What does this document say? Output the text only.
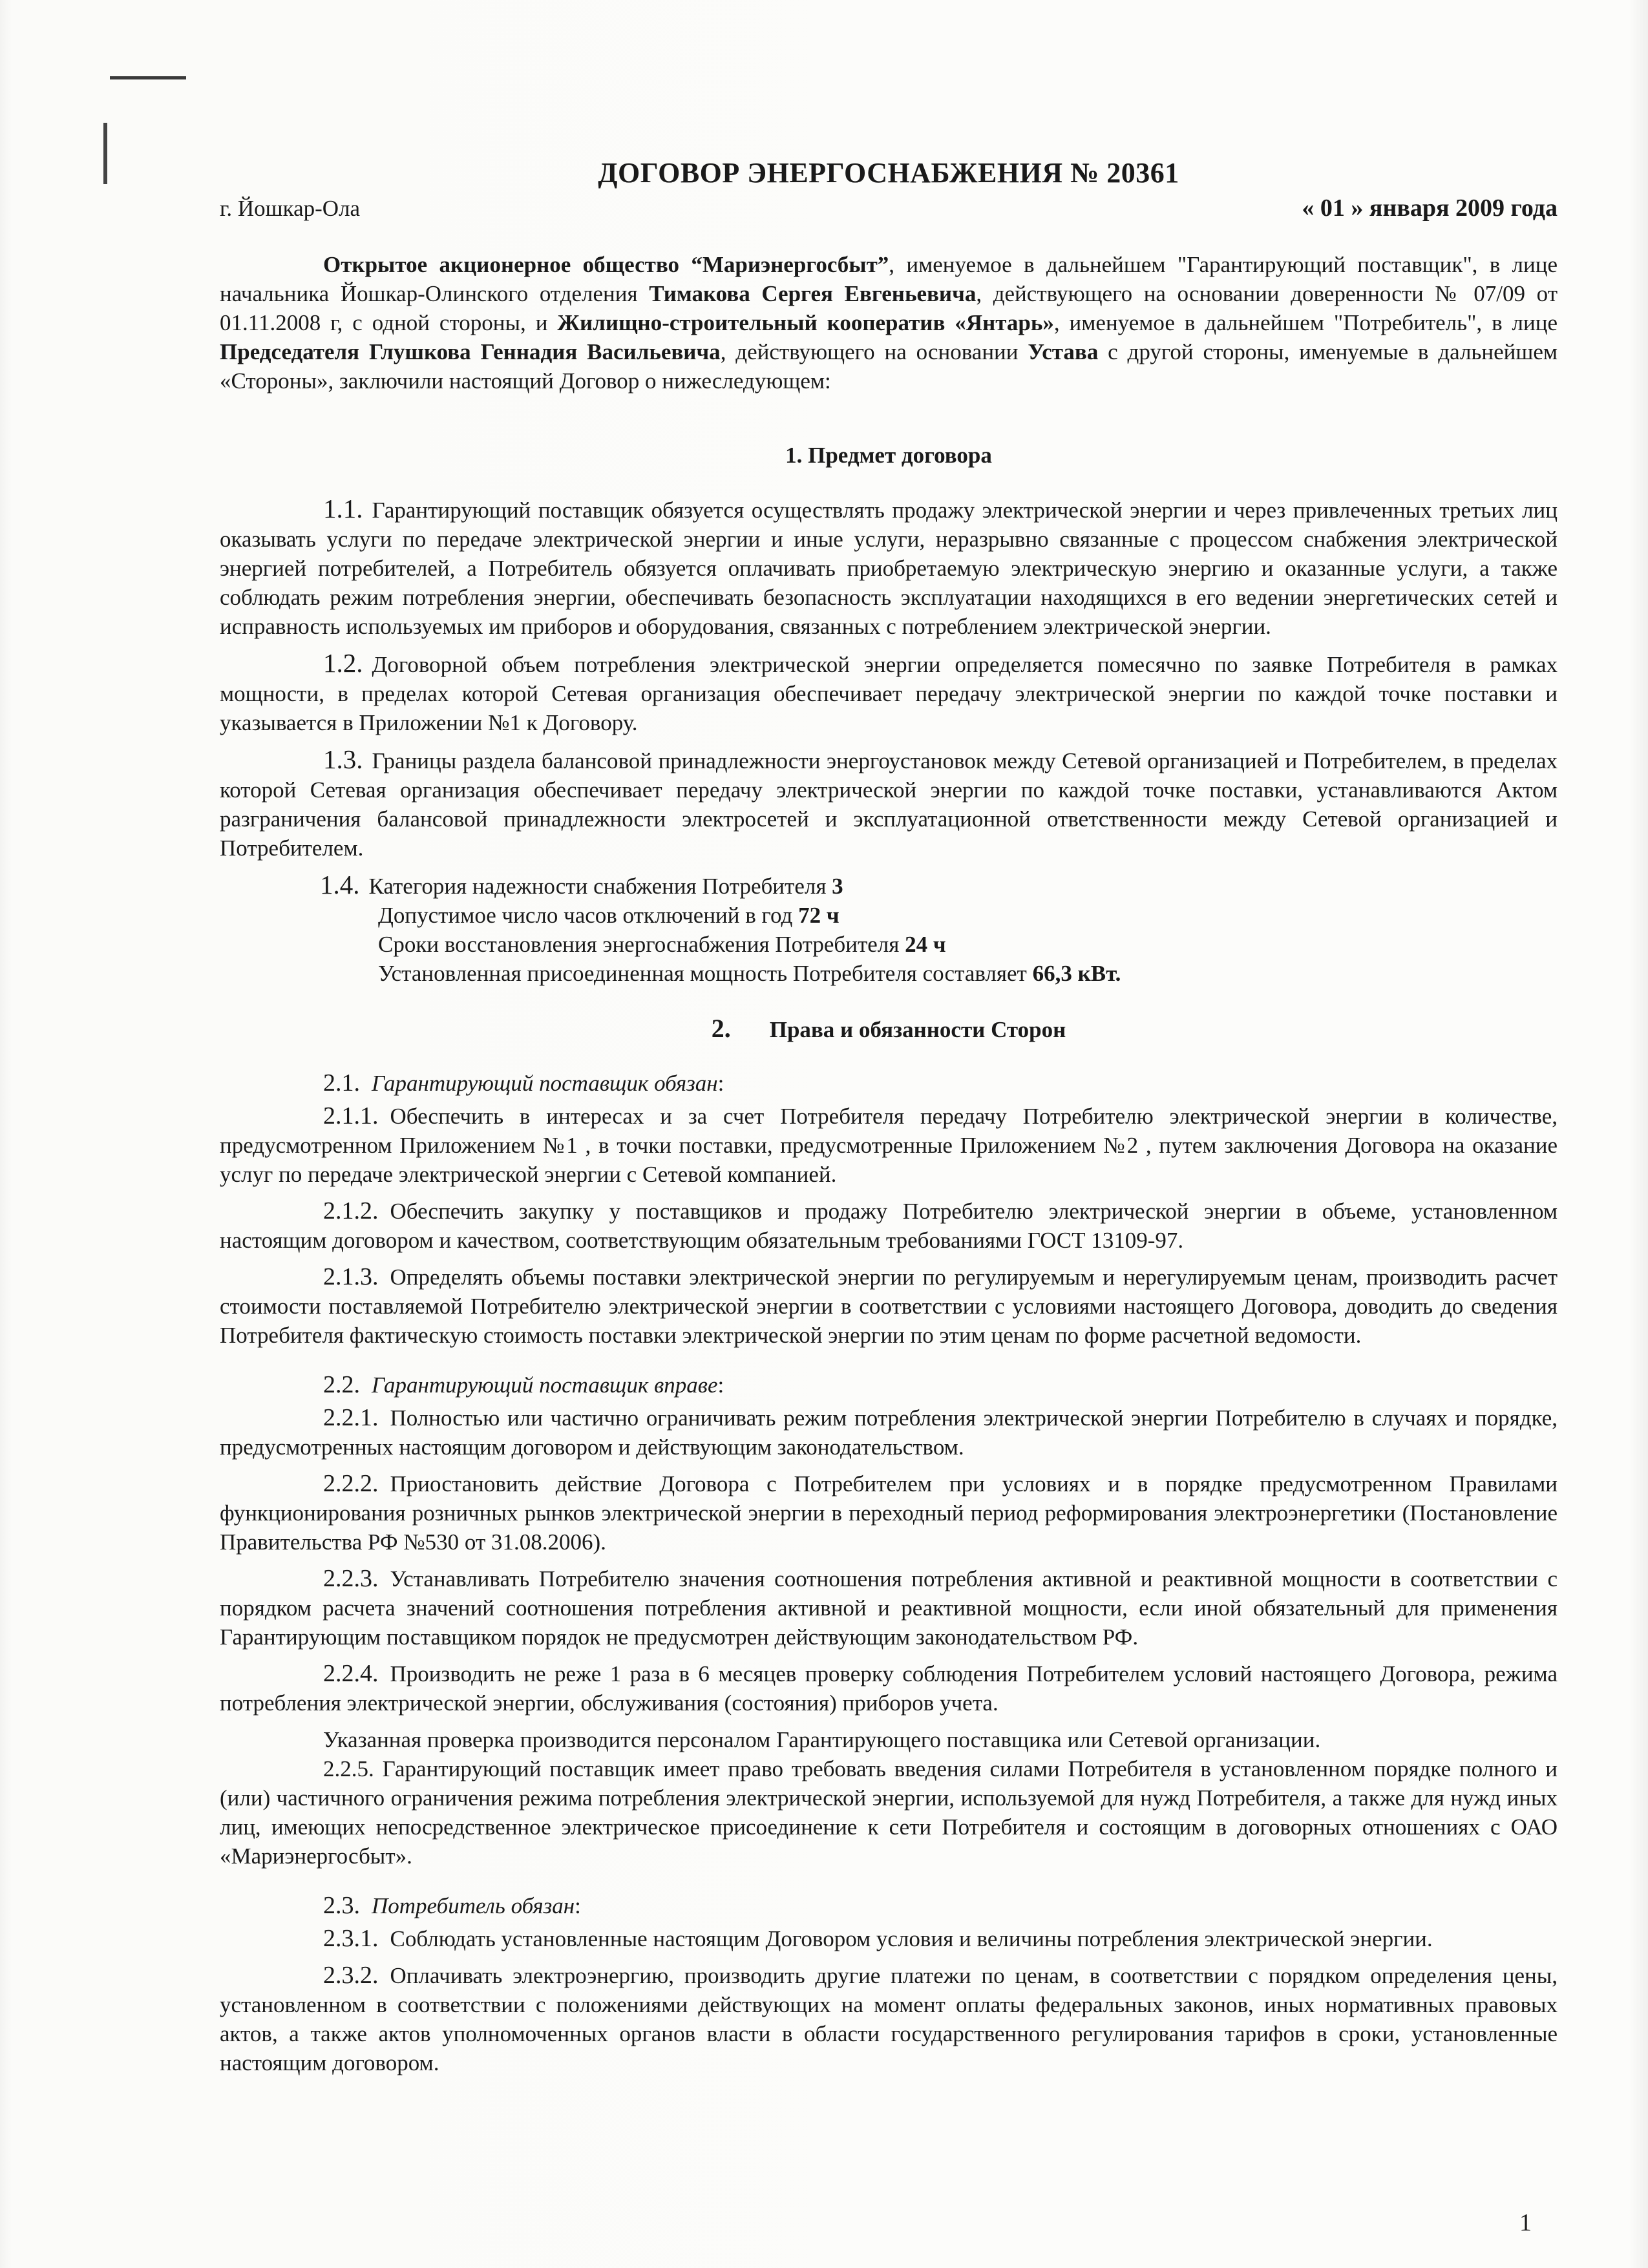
ДОГОВОР ЭНЕРГОСНАБЖЕНИЯ № 20361
г. Йошкар-Ола	« 01 » января 2009 года

Открытое акционерное общество “Мариэнергосбыт”, именуемое в дальнейшем "Гарантирующий поставщик", в лице начальника Йошкар-Олинского отделения Тимакова Сергея Евгеньевича, действующего на основании доверенности № 07/09 от 01.11.2008 г, с одной стороны, и Жилищно-строительный кооператив «Янтарь», именуемое в дальнейшем "Потребитель", в лице Председателя Глушкова Геннадия Васильевича, действующего на основании Устава с другой стороны, именуемые в дальнейшем «Стороны», заключили настоящий Договор о нижеследующем:

1. Предмет договора

1.1. Гарантирующий поставщик обязуется осуществлять продажу электрической энергии и через привлеченных третьих лиц оказывать услуги по передаче электрической энергии и иные услуги, неразрывно связанные с процессом снабжения электрической энергией потребителей, а Потребитель обязуется оплачивать приобретаемую электрическую энергию и оказанные услуги, а также соблюдать режим потребления энергии, обеспечивать безопасность эксплуатации находящихся в его ведении энергетических сетей и исправность используемых им приборов и оборудования, связанных с потреблением электрической энергии.

1.2. Договорной объем потребления электрической энергии определяется помесячно по заявке Потребителя в рамках мощности, в пределах которой Сетевая организация обеспечивает передачу электрической энергии по каждой точке поставки и указывается в Приложении №1 к Договору.

1.3. Границы раздела балансовой принадлежности энергоустановок между Сетевой организацией и Потребителем, в пределах которой Сетевая организация обеспечивает передачу электрической энергии по каждой точке поставки, устанавливаются Актом разграничения балансовой принадлежности электросетей и эксплуатационной ответственности между Сетевой организацией и Потребителем.

1.4. Категория надежности снабжения Потребителя 3
Допустимое число часов отключений в год 72 ч
Сроки восстановления энергоснабжения Потребителя 24 ч
Установленная присоединенная мощность Потребителя составляет 66,3 кВт.
2. Права и обязанности Сторон

2.1. Гарантирующий поставщик обязан:

2.1.1. Обеспечить в интересах и за счет Потребителя передачу Потребителю электрической энергии в количестве, предусмотренном Приложением №1 , в точки поставки, предусмотренные Приложением №2 , путем заключения Договора на оказание услуг по передаче электрической энергии с Сетевой компанией.

2.1.2. Обеспечить закупку у поставщиков и продажу Потребителю электрической энергии в объеме, установленном настоящим договором и качеством, соответствующим обязательным требованиями ГОСТ 13109-97.

2.1.3. Определять объемы поставки электрической энергии по регулируемым и нерегулируемым ценам, производить расчет стоимости поставляемой Потребителю электрической энергии в соответствии с условиями настоящего Договора, доводить до сведения Потребителя фактическую стоимость поставки электрической энергии по этим ценам по форме расчетной ведомости.

2.2. Гарантирующий поставщик вправе:

2.2.1. Полностью или частично ограничивать режим потребления электрической энергии Потребителю в случаях и порядке, предусмотренных настоящим договором и действующим законодательством.

2.2.2. Приостановить действие Договора с Потребителем при условиях и в порядке предусмотренном Правилами функционирования розничных рынков электрической энергии в переходный период реформирования электроэнергетики (Постановление Правительства РФ №530 от 31.08.2006).

2.2.3. Устанавливать Потребителю значения соотношения потребления активной и реактивной мощности в соответствии с порядком расчета значений соотношения потребления активной и реактивной мощности, если иной обязательный для применения Гарантирующим поставщиком порядок не предусмотрен действующим законодательством РФ.

2.2.4. Производить не реже 1 раза в 6 месяцев проверку соблюдения Потребителем условий настоящего Договора, режима потребления электрической энергии, обслуживания (состояния) приборов учета.

Указанная проверка производится персоналом Гарантирующего поставщика или Сетевой организации.

2.2.5. Гарантирующий поставщик имеет право требовать введения силами Потребителя в установленном порядке полного и (или) частичного ограничения режима потребления электрической энергии, используемой для нужд Потребителя, а также для нужд иных лиц, имеющих непосредственное электрическое присоединение к сети Потребителя и состоящим в договорных отношениях с ОАО «Мариэнергосбыт».

2.3. Потребитель обязан:

2.3.1. Соблюдать установленные настоящим Договором условия и величины потребления электрической энергии.

2.3.2. Оплачивать электроэнергию, производить другие платежи по ценам, в соответствии с порядком определения цены, установленном в соответствии с положениями действующих на момент оплаты федеральных законов, иных нормативных правовых актов, а также актов уполномоченных органов власти в области государственного регулирования тарифов в сроки, установленные настоящим договором.

1
